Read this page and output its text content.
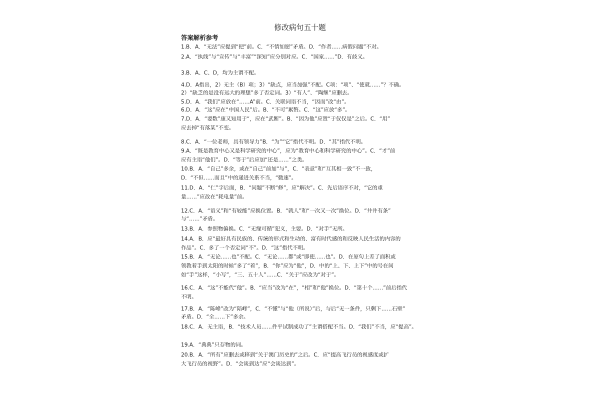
修改病句五十题
答案解析参考
1.B．A．“无法”应提到“把”前。C．“不情如愿”矛盾。D．“作者……病假问题”不对。
2.A．“执线”与“宣传”与“丰富”“深知”应分别对应。C．“国家……”D．有歧义。
3.B．A、C、D，均为主谓不配。
4.D．A指出，2）无主（B）项；3）“缺点，应当加强”不配。C项：“项”、“使就……”？不确。
2）“缺乏的是没有远大的理想”多了否定词。3）“有人”、“陶继”应删去。
5.D．A．“我们”应放在“……A”前。C．关联词语不当，“因而”改“由”。
6.D．A．“这”应在“中国人民”后。B．“不可”累赘。C．“这”应放“多”。
7.D．A．“要数”康又知用于“，应在“武断”。B．“因为他”应置“于仅仅是”之后。C．“用”
应去掉“有落某”不变。
8.C．A．“一位老师，具有领导力”B．“为”“它”指代不明。D．“其”指代不明。
9.A．“既是教育中心又是科学研究的中心”，应为“教育中心和科学研究的中心”。C．“才”前
应有主语“他们”。D．“等于”后应加“还是……”之类。
10.B．A．“自己”多余，或在“自己”前加“与”，C．“表意”和“互其相一致”不一致，
D．“不但……而且”中的递进关系不当，“微速”。
11.D．A．“仁”字后面，B．“问题”不断“修”，应“解决”。C．先后语序不对，“它的重
量……”应改在“耗电量”前。
12.C．A．“语义”和“有较能”应换位置。B．“就人”和“一次又一次”换位。D．“井井有条”
与“……”矛盾。
13.B．A．参照物偏换。C．“无缘可循”犯义，主要。D．“对手”无所。
14.A．B．应“最好具有民族的、传统的形式和生动的、富有时代感的和反映人民生活的内容的
作品”。C．多了一个否定词“不”。D．“这”指代不明。
15.B．A．“无论……也”不配。C．“无论……都”或“即使……也”。D．在原句上差了面积或
领教着手到太阳的时候”多了“着”，B．“你”应为“他”，D．中的“上、下、上下”中的号在间
如“手”这样，“小写”，“三、五十人”……C．“关于”应改为“对于”。
16.C．A．“这”不能代“他”。B．“应当”改为“在”，“相”和“他”换位。D．“第十个……”前后指代
不明。
17.B．A．“陈峰”改为“陪峰”，C．“不懂”与“他（所说）”后，与后“无一条件，只剩下……石壁”
矛盾。D．“全……下”多余。
18.C．A．无主语，B．“技术人员……件平试制成功了”主谓搭配不当。D．“我们”不当，应“提高”。
19.A．“典典”只存物的词。
20.B．A．“所有”应删去或移到“关于澳门历史的”之后。C．应“提高飞行员的视感度或扩
大飞行员的视野”。D．“会谈到达”应“会谈达到”。
